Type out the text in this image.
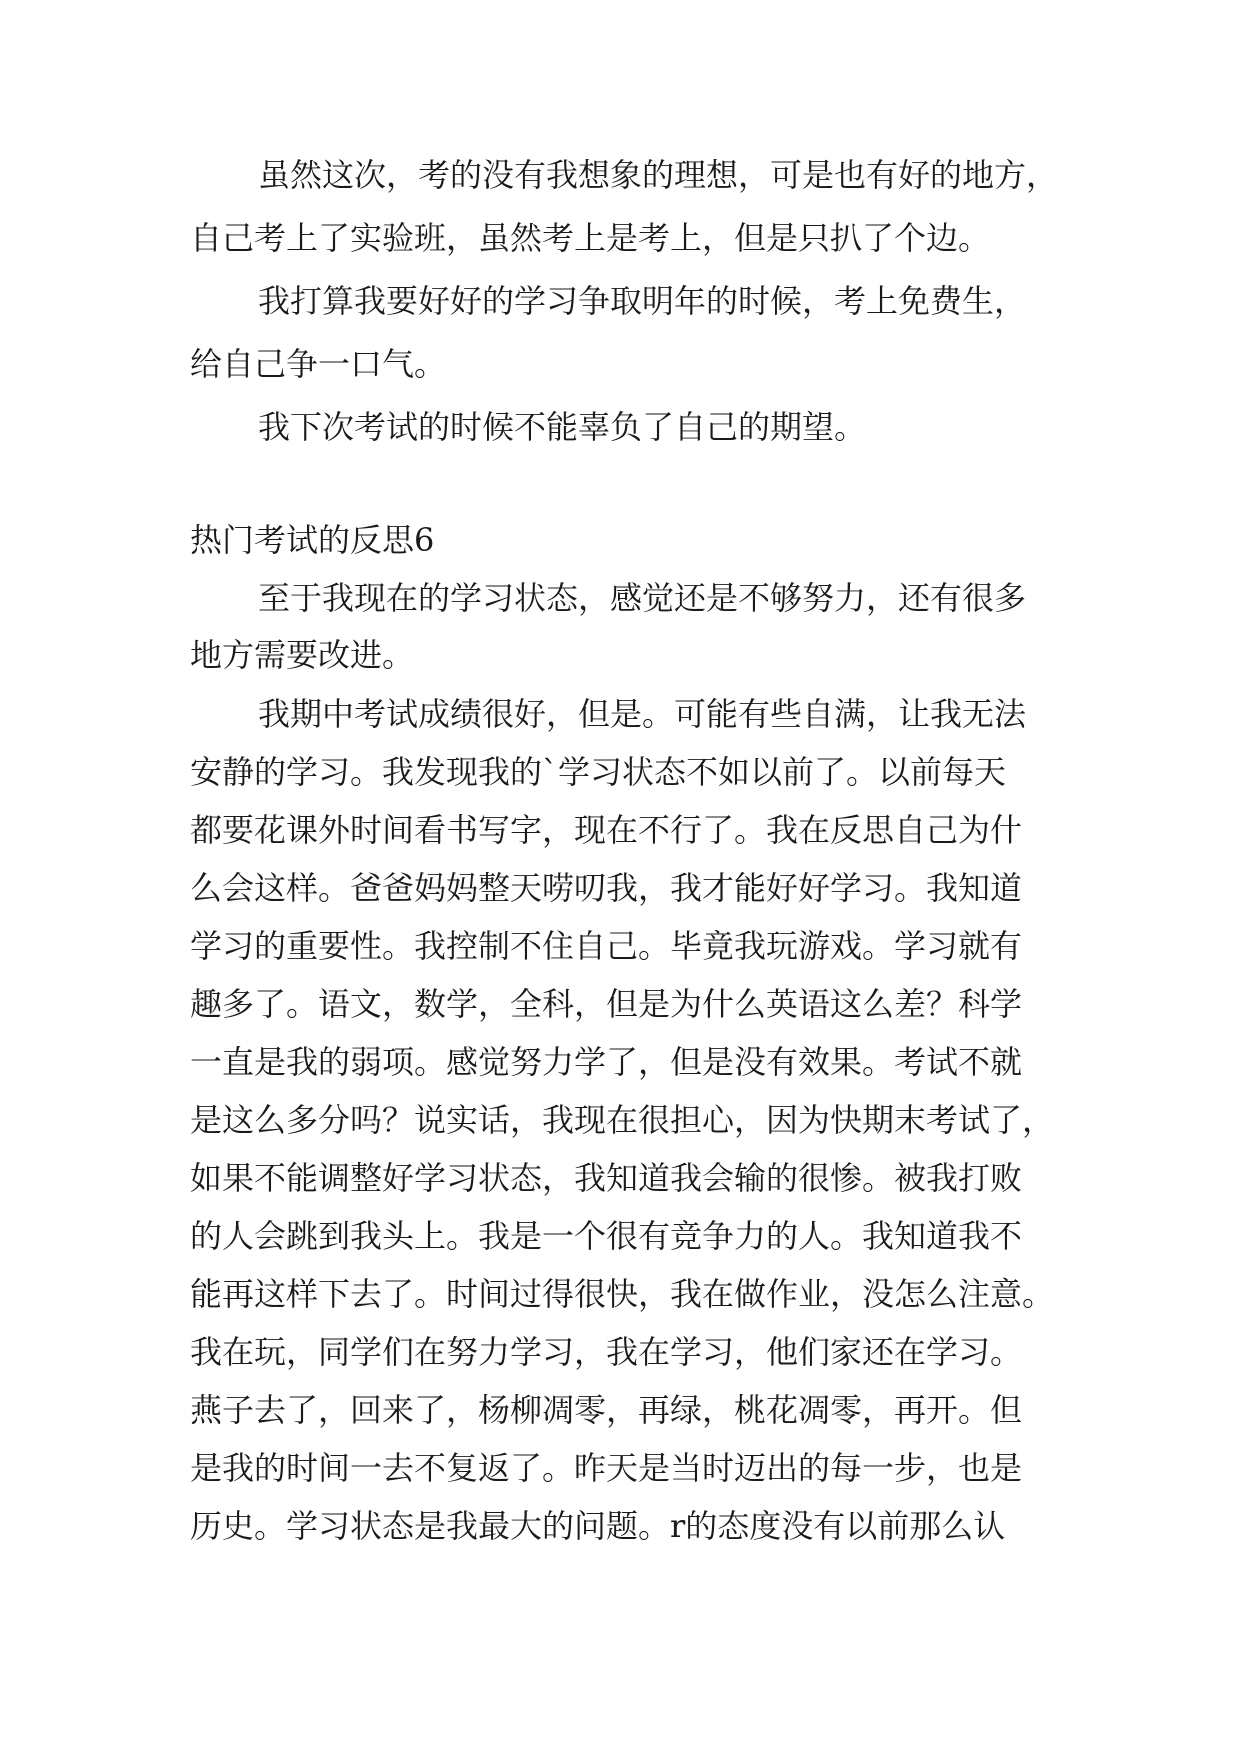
虽然这次，考的没有我想象的理想，可是也有好的地方，

自己考上了实验班，虽然考上是考上，但是只扒了个边。

我打算我要好好的学习争取明年的时候，考上免费生，

给自己争一口气。

我下次考试的时候不能辜负了自己的期望。

热门考试的反思6

至于我现在的学习状态，感觉还是不够努力，还有很多

地方需要改进。

我期中考试成绩很好，但是。可能有些自满，让我无法

安静的学习。我发现我的`学习状态不如以前了。以前每天

都要花课外时间看书写字，现在不行了。我在反思自己为什

么会这样。爸爸妈妈整天唠叨我，我才能好好学习。我知道

学习的重要性。我控制不住自己。毕竟我玩游戏。学习就有

趣多了。语文，数学，全科，但是为什么英语这么差？科学

一直是我的弱项。感觉努力学了，但是没有效果。考试不就

是这么多分吗？说实话，我现在很担心，因为快期末考试了，

如果不能调整好学习状态，我知道我会输的很惨。被我打败

的人会跳到我头上。我是一个很有竞争力的人。我知道我不

能再这样下去了。时间过得很快，我在做作业，没怎么注意。

我在玩，同学们在努力学习，我在学习，他们家还在学习。

燕子去了，回来了，杨柳凋零，再绿，桃花凋零，再开。但

是我的时间一去不复返了。昨天是当时迈出的每一步，也是

历史。学习状态是我最大的问题。r的态度没有以前那么认
